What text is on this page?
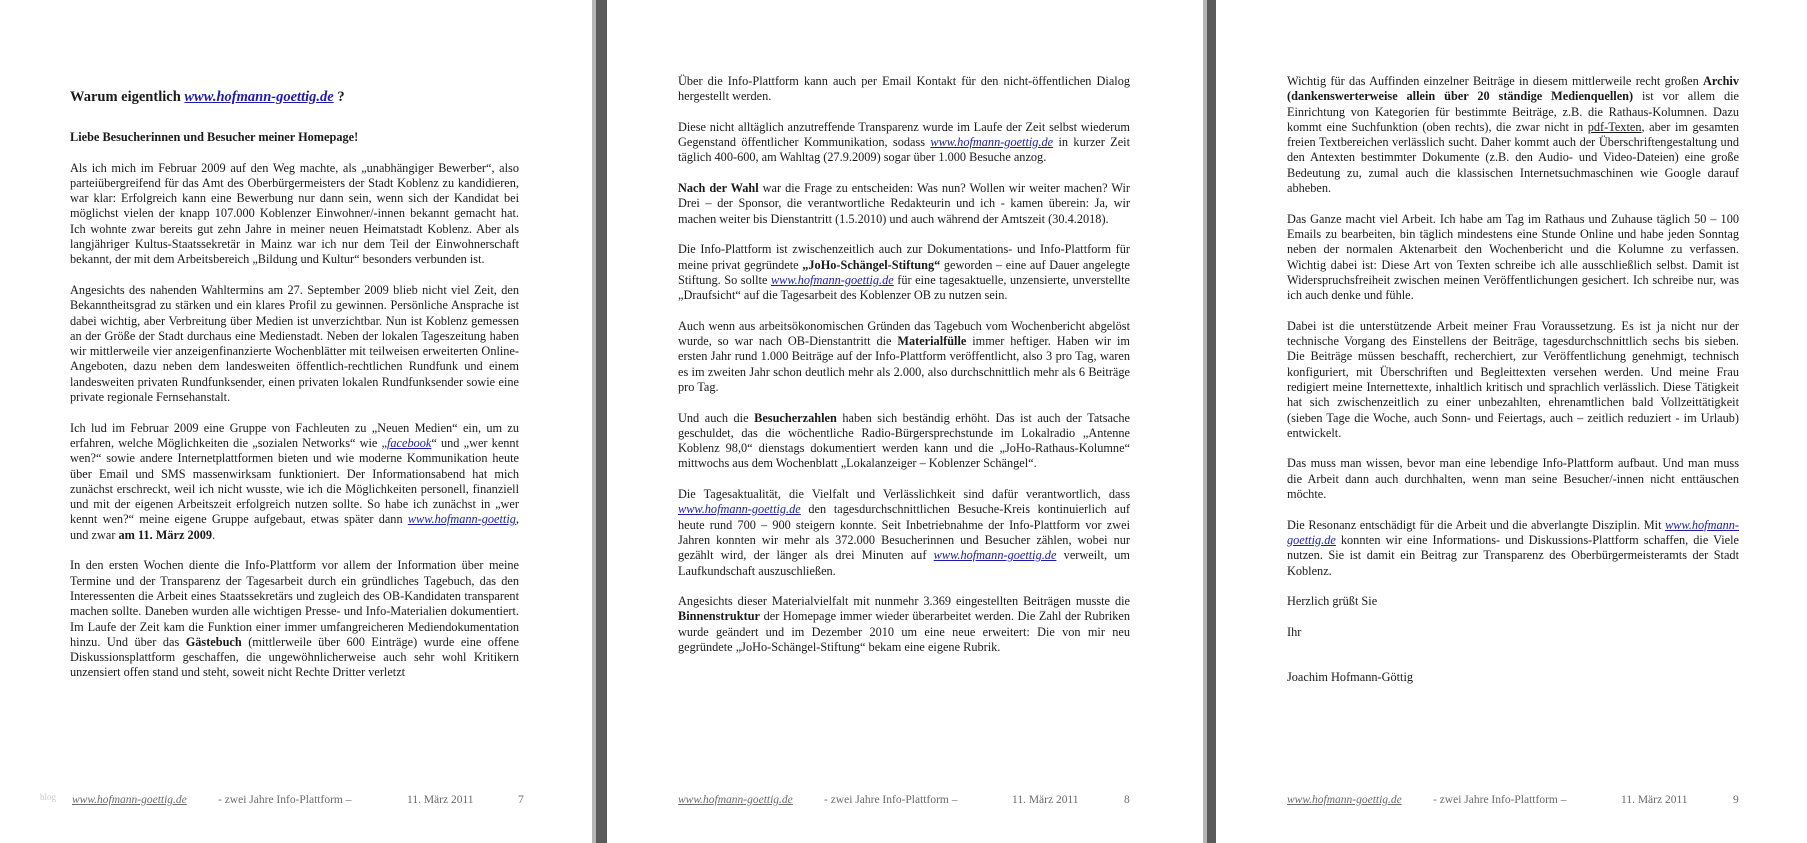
Warum eigentlich www.hofmann-goettig.de ?

Liebe Besucherinnen und Besucher meiner Homepage!

Als ich mich im Februar 2009 auf den Weg machte, als „unabhängiger Bewerber“, also parteiübergreifend für das Amt des Oberbürgermeisters der Stadt Koblenz zu kandidieren, war klar: Erfolgreich kann eine Bewerbung nur dann sein, wenn sich der Kandidat bei möglichst vielen der knapp 107.000 Koblenzer Einwohner/-innen bekannt gemacht hat. Ich wohnte zwar bereits gut zehn Jahre in meiner neuen Heimatstadt Koblenz. Aber als langjähriger Kultus-Staatssekretär in Mainz war ich nur dem Teil der Einwohnerschaft bekannt, der mit dem Arbeitsbereich „Bildung und Kultur“ besonders verbunden ist.

Angesichts des nahenden Wahltermins am 27. September 2009 blieb nicht viel Zeit, den Bekanntheitsgrad zu stärken und ein klares Profil zu gewinnen. Persönliche Ansprache ist dabei wichtig, aber Verbreitung über Medien ist unverzichtbar. Nun ist Koblenz gemessen an der Größe der Stadt durchaus eine Medienstadt. Neben der lokalen Tageszeitung haben wir mittlerweile vier anzeigenfinanzierte Wochenblätter mit teilweisen erweiterten Online-Angeboten, dazu neben dem landesweiten öffentlich-rechtlichen Rundfunk und einem landesweiten privaten Rundfunksender, einen privaten lokalen Rundfunksender sowie eine private regionale Fernsehanstalt.

Ich lud im Februar 2009 eine Gruppe von Fachleuten zu „Neuen Medien“ ein, um zu erfahren, welche Möglichkeiten die „sozialen Networks“ wie „facebook“ und „wer kennt wen?“ sowie andere Internetplattformen bieten und wie moderne Kommunikation heute über Email und SMS massenwirksam funktioniert. Der Informationsabend hat mich zunächst erschreckt, weil ich nicht wusste, wie ich die Möglichkeiten personell, finanziell und mit der eigenen Arbeitszeit erfolgreich nutzen sollte. So habe ich zunächst in „wer kennt wen?“ meine eigene Gruppe aufgebaut, etwas später dann www.hofmann-goettig, und zwar am 11. März 2009.

In den ersten Wochen diente die Info-Plattform vor allem der Information über meine Termine und der Transparenz der Tagesarbeit durch ein gründliches Tagebuch, das den Interessenten die Arbeit eines Staatssekretärs und zugleich des OB-Kandidaten transparent machen sollte. Daneben wurden alle wichtigen Presse- und Info-Materialien dokumentiert. Im Laufe der Zeit kam die Funktion einer immer umfangreicheren Mediendokumentation hinzu. Und über das Gästebuch (mittlerweile über 600 Einträge) wurde eine offene Diskussionsplattform geschaffen, die ungewöhnlicherweise auch sehr wohl Kritikern unzensiert offen stand und steht, soweit nicht Rechte Dritter verletzt

blog www.hofmann-goettig.de	- zwei Jahre Info-Plattform –	11. März 2011	7

Über die Info-Plattform kann auch per Email Kontakt für den nicht-öffentlichen Dialog hergestellt werden.

Diese nicht alltäglich anzutreffende Transparenz wurde im Laufe der Zeit selbst wiederum Gegenstand öffentlicher Kommunikation, sodass www.hofmann-goettig.de in kurzer Zeit täglich 400-600, am Wahltag (27.9.2009) sogar über 1.000 Besuche anzog.

Nach der Wahl war die Frage zu entscheiden: Was nun? Wollen wir weiter machen? Wir Drei – der Sponsor, die verantwortliche Redakteurin und ich - kamen überein: Ja, wir machen weiter bis Dienstantritt (1.5.2010) und auch während der Amtszeit (30.4.2018).

Die Info-Plattform ist zwischenzeitlich auch zur Dokumentations- und Info-Plattform für meine privat gegründete „JoHo-Schängel-Stiftung“ geworden – eine auf Dauer angelegte Stiftung. So sollte www.hofmann-goettig.de für eine tagesaktuelle, unzensierte, unverstellte „Draufsicht“ auf die Tagesarbeit des Koblenzer OB zu nutzen sein.

Auch wenn aus arbeitsökonomischen Gründen das Tagebuch vom Wochenbericht abgelöst wurde, so war nach OB-Dienstantritt die Materialfülle immer heftiger. Haben wir im ersten Jahr rund 1.000 Beiträge auf der Info-Plattform veröffentlicht, also 3 pro Tag, waren es im zweiten Jahr schon deutlich mehr als 2.000, also durchschnittlich mehr als 6 Beiträge pro Tag.

Und auch die Besucherzahlen haben sich beständig erhöht. Das ist auch der Tatsache geschuldet, das die wöchentliche Radio-Bürgersprechstunde im Lokalradio „Antenne Koblenz 98,0“ dienstags dokumentiert werden kann und die „JoHo-Rathaus-Kolumne“ mittwochs aus dem Wochenblatt „Lokalanzeiger – Koblenzer Schängel“.

Die Tagesaktualität, die Vielfalt und Verlässlichkeit sind dafür verantwortlich, dass www.hofmann-goettig.de den tagesdurchschnittlichen Besuche-Kreis kontinuierlich auf heute rund 700 – 900 steigern konnte. Seit Inbetriebnahme der Info-Plattform vor zwei Jahren konnten wir mehr als 372.000 Besucherinnen und Besucher zählen, wobei nur gezählt wird, der länger als drei Minuten auf www.hofmann-goettig.de verweilt, um Laufkundschaft auszuschließen.

Angesichts dieser Materialvielfalt mit nunmehr 3.369 eingestellten Beiträgen musste die Binnenstruktur der Homepage immer wieder überarbeitet werden. Die Zahl der Rubriken wurde geändert und im Dezember 2010 um eine neue erweitert: Die von mir neu gegründete „JoHo-Schängel-Stiftung“ bekam eine eigene Rubrik.

www.hofmann-goettig.de	- zwei Jahre Info-Plattform –	11. März 2011	8

Wichtig für das Auffinden einzelner Beiträge in diesem mittlerweile recht großen Archiv (dankenswerterweise allein über 20 ständige Medienquellen) ist vor allem die Einrichtung von Kategorien für bestimmte Beiträge, z.B. die Rathaus-Kolumnen. Dazu kommt eine Suchfunktion (oben rechts), die zwar nicht in pdf-Texten, aber im gesamten freien Textbereichen verlässlich sucht. Daher kommt auch der Überschriftengestaltung und den Antexten bestimmter Dokumente (z.B. den Audio- und Video-Dateien) eine große Bedeutung zu, zumal auch die klassischen Internetsuchmaschinen wie Google darauf abheben.

Das Ganze macht viel Arbeit. Ich habe am Tag im Rathaus und Zuhause täglich 50 – 100 Emails zu bearbeiten, bin täglich mindestens eine Stunde Online und habe jeden Sonntag neben der normalen Aktenarbeit den Wochenbericht und die Kolumne zu verfassen. Wichtig dabei ist: Diese Art von Texten schreibe ich alle ausschließlich selbst. Damit ist Widerspruchsfreiheit zwischen meinen Veröffentlichungen gesichert. Ich schreibe nur, was ich auch denke und fühle.

Dabei ist die unterstützende Arbeit meiner Frau Voraussetzung. Es ist ja nicht nur der technische Vorgang des Einstellens der Beiträge, tagesdurchschnittlich sechs bis sieben. Die Beiträge müssen beschafft, recherchiert, zur Veröffentlichung genehmigt, technisch konfiguriert, mit Überschriften und Begleittexten versehen werden. Und meine Frau redigiert meine Internettexte, inhaltlich kritisch und sprachlich verlässlich. Diese Tätigkeit hat sich zwischenzeitlich zu einer unbezahlten, ehrenamtlichen bald Vollzeittätigkeit (sieben Tage die Woche, auch Sonn- und Feiertags, auch – zeitlich reduziert - im Urlaub) entwickelt.

Das muss man wissen, bevor man eine lebendige Info-Plattform aufbaut. Und man muss die Arbeit dann auch durchhalten, wenn man seine Besucher/-innen nicht enttäuschen möchte.

Die Resonanz entschädigt für die Arbeit und die abverlangte Disziplin. Mit www.hofmann-goettig.de konnten wir eine Informations- und Diskussions-Plattform schaffen, die Viele nutzen. Sie ist damit ein Beitrag zur Transparenz des Oberbürgermeisteramts der Stadt Koblenz.

Herzlich grüßt Sie

Ihr

Joachim Hofmann-Göttig

www.hofmann-goettig.de	- zwei Jahre Info-Plattform –	11. März 2011	9
